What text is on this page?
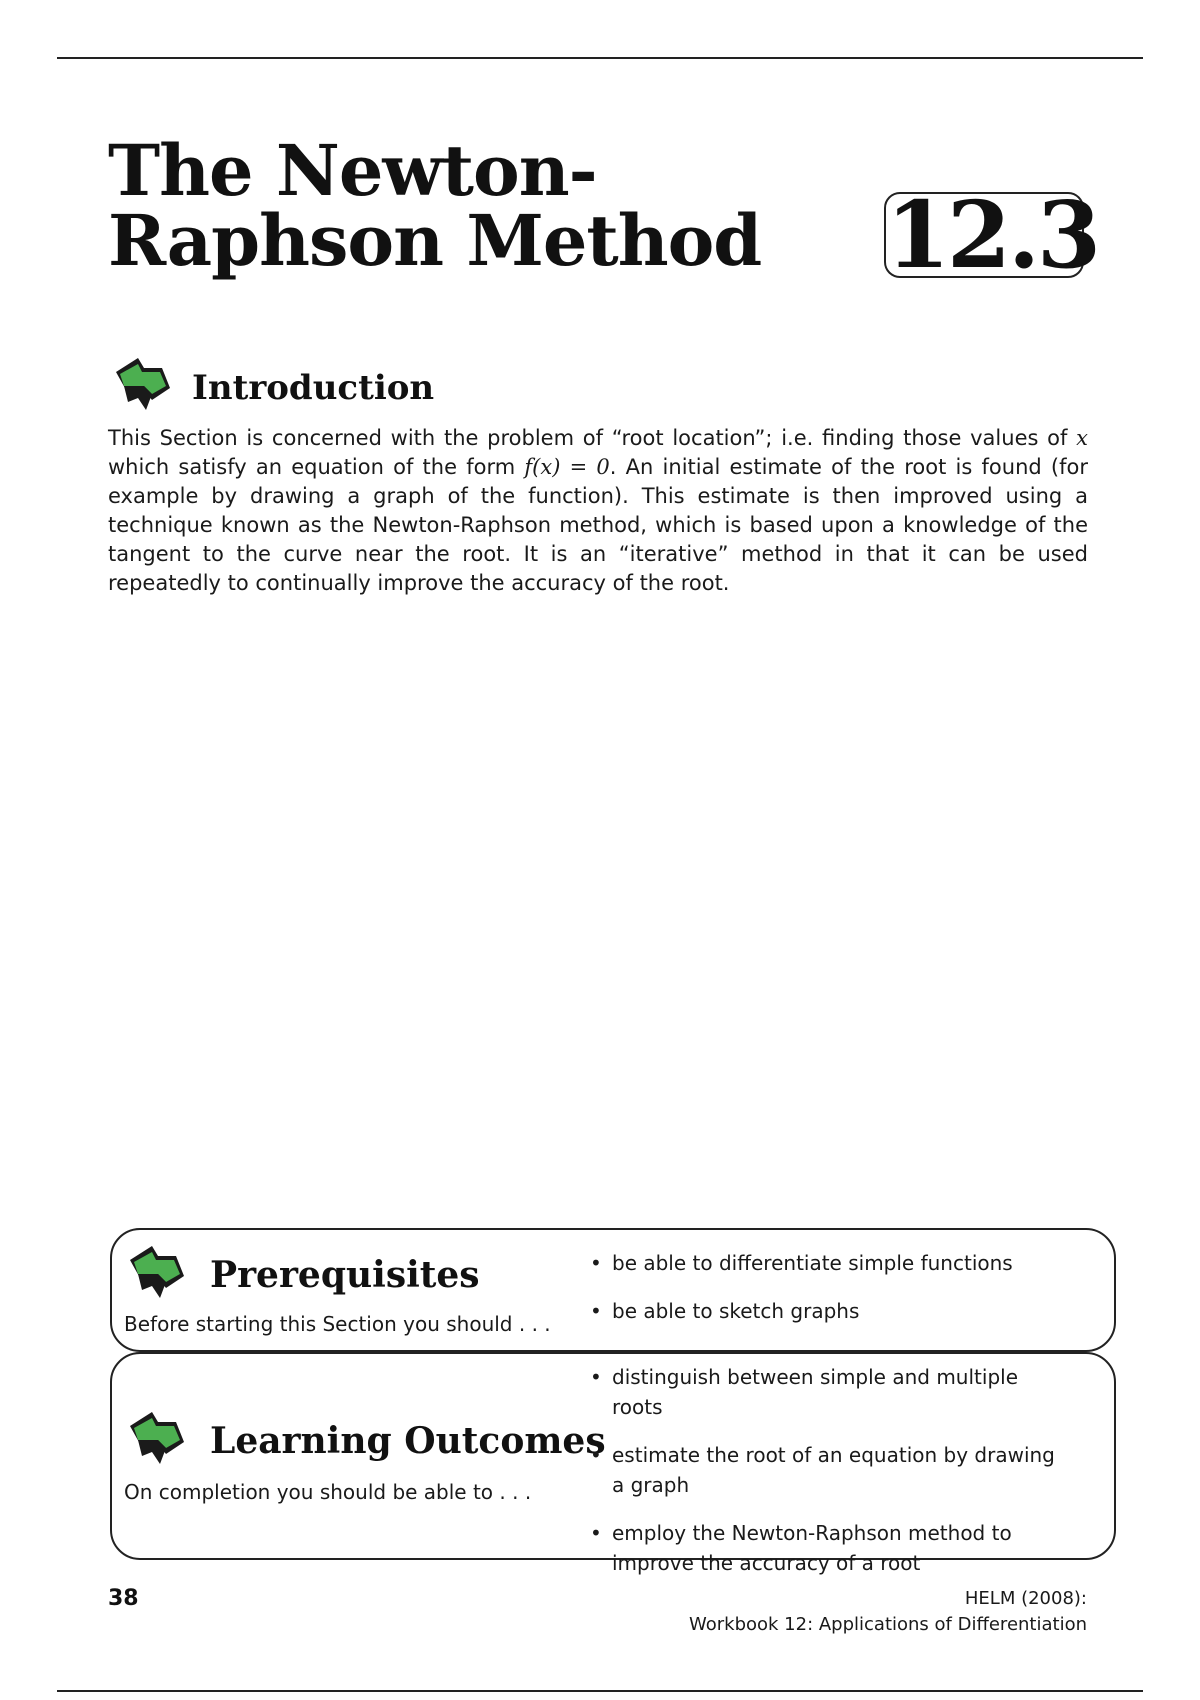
The Newton-Raphson Method	12.3
Introduction

This Section is concerned with the problem of “root location”; i.e. finding those values of x which satisfy an equation of the form f(x) = 0. An initial estimate of the root is found (for example by drawing a graph of the function). This estimate is then improved using a technique known as the Newton-Raphson method, which is based upon a knowledge of the tangent to the curve near the root. It is an “iterative” method in that it can be used repeatedly to continually improve the accuracy of the root.

Prerequisites

Before starting this Section you should . . .

• be able to differentiate simple functions
• be able to sketch graphs
Learning Outcomes

On completion you should be able to . . .

• distinguish between simple and multiple roots
• estimate the root of an equation by drawing a graph
• employ the Newton-Raphson method to improve the accuracy of a root
38	HELM (2008):
Workbook 12: Applications of Differentiation
